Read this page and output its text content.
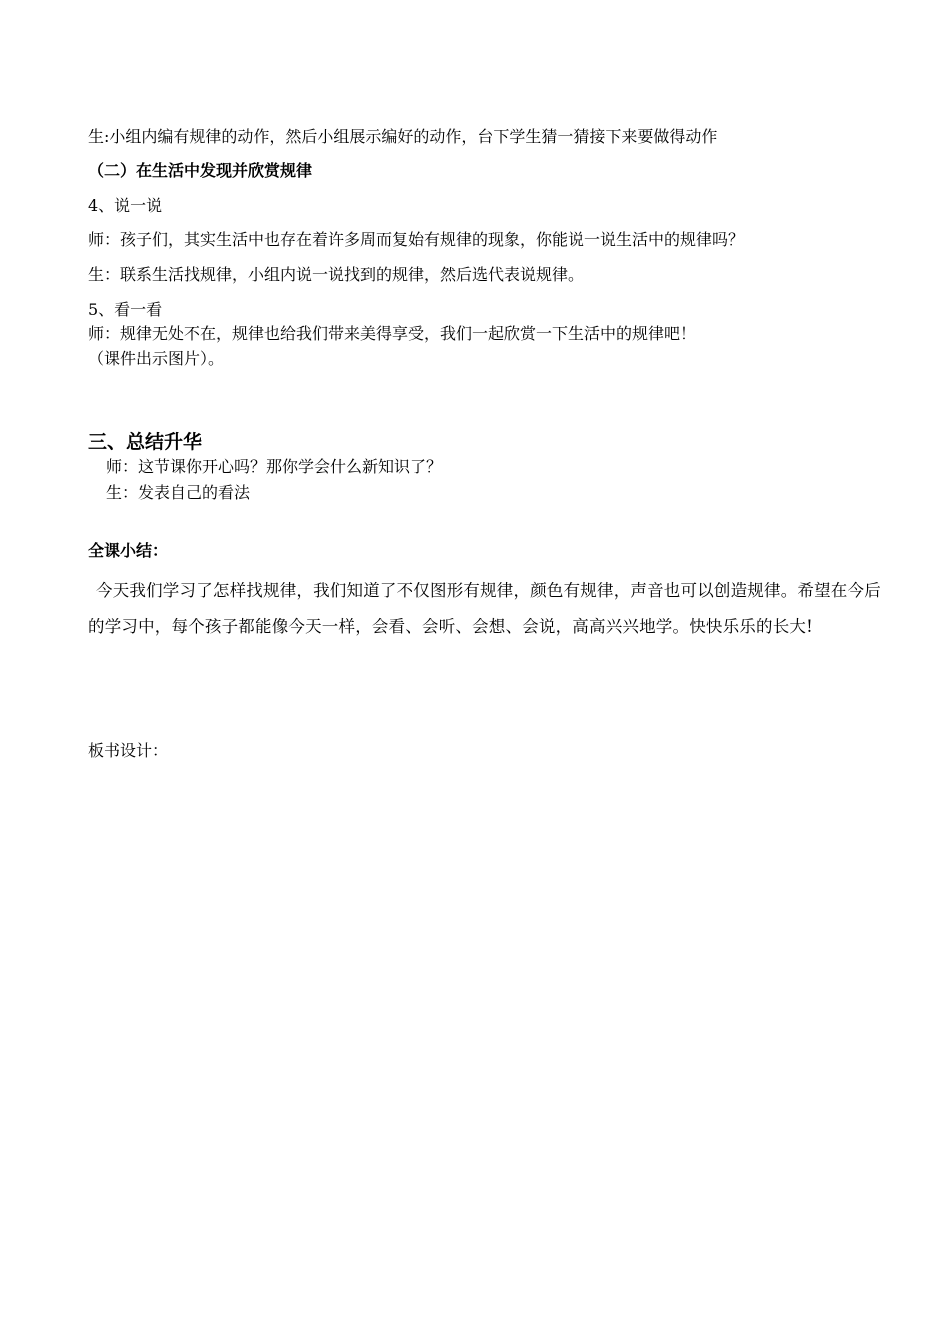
生:小组内编有规律的动作，然后小组展示编好的动作，台下学生猜一猜接下来要做得动作
（二）在生活中发现并欣赏规律
4、说一说
师：孩子们，其实生活中也存在着许多周而复始有规律的现象，你能说一说生活中的规律吗？
生：联系生活找规律，小组内说一说找到的规律，然后选代表说规律。
5、看一看
师：规律无处不在，规律也给我们带来美得享受，我们一起欣赏一下生活中的规律吧！
（课件出示图片）。
三、总结升华
师：这节课你开心吗？那你学会什么新知识了？
生：发表自己的看法
全课小结：
今天我们学习了怎样找规律，我们知道了不仅图形有规律，颜色有规律，声音也可以创造规律。希望在今后的学习中，每个孩子都能像今天一样，会看、会听、会想、会说，高高兴兴地学。快快乐乐的长大!
板书设计：
